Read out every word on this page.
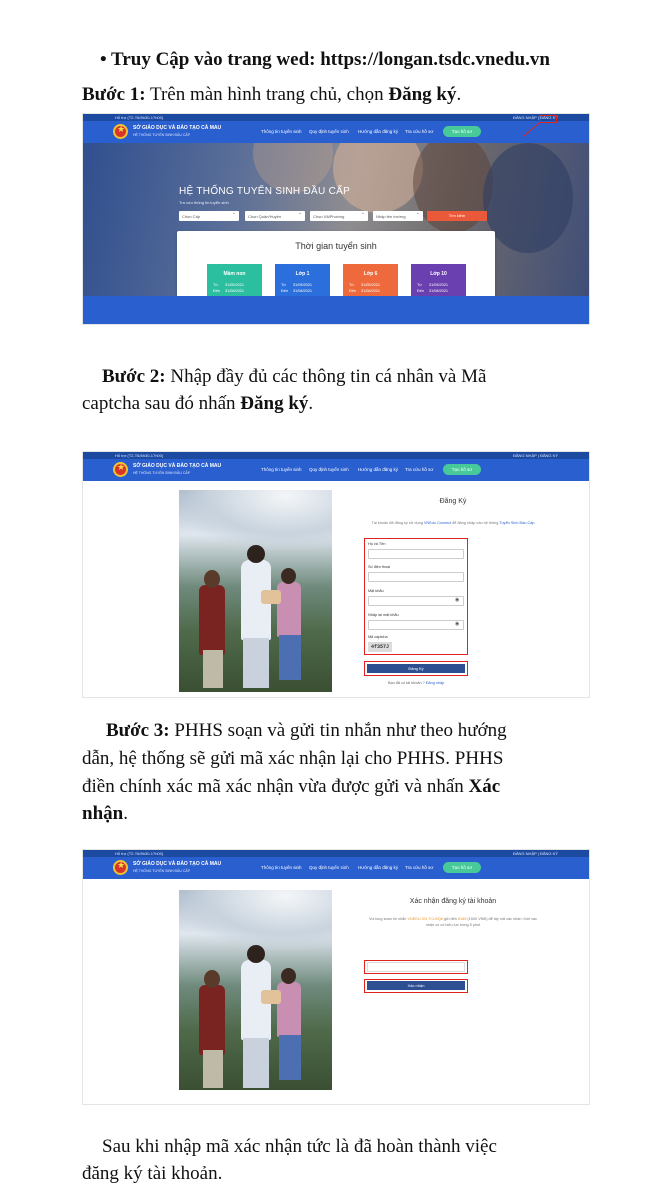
• Truy Cập vào trang wed: https://longan.tsdc.vnedu.vn
Bước 1: Trên màn hình trang chủ, chọn Đăng ký.
Hỗ trợ (T2-T6/8h30-17h00)	ĐĂNG NHẬP | ĐĂNG KÝ
★
SỞ GIÁO DỤC VÀ ĐÀO TẠO CÀ MAU
HỆ THỐNG TUYỂN SINH ĐẦU CẤP
Thông tin tuyển sinh Quy định tuyển sinh Hướng dẫn đăng ký Tra cứu hồ sơ	Tạo hồ sơ
HỆ THỐNG TUYỂN SINH ĐẦU CẤP
Tra cứu thông tin tuyển sinh
Chọn Cấp ⌄	Chọn Quận/Huyện ⌄	Chọn Xã/Phường ⌄	Nhập tên trường ⌄	Tìm kiếm
Thời gian tuyển sinh
Mầm non
Từ 31/05/2021
Đến 31/08/2021
Lớp 1
Từ 31/05/2021
Đến 31/08/2021
Lớp 6
Từ 31/05/2021
Đến 31/08/2021
Lớp 10
Từ 31/05/2021
Đến 31/08/2021
Bước 2: Nhập đầy đủ các thông tin cá nhân và Mã
captcha sau đó nhấn Đăng ký.
Hỗ trợ (T2-T6/8h30-17h00)	ĐĂNG NHẬP | ĐĂNG KÝ
★
SỞ GIÁO DỤC VÀ ĐÀO TẠO CÀ MAU
HỆ THỐNG TUYỂN SINH ĐẦU CẤP
Thông tin tuyển sinh Quy định tuyển sinh Hướng dẫn đăng ký Tra cứu hồ sơ	Tạo hồ sơ
Đăng Ký
Tài khoản đã đăng ký sử dụng VNEdu Connect để đăng nhập vào hệ thống Tuyển Sinh Đầu Cấp
Họ và Tên
Số điện thoại
Mật khẩu
◉
Nhập lại mật khẩu
◉
Mã captcha
4f357J
Đăng Ký
Bạn đã có tài khoản ? Đăng nhập
Bước 3: PHHS soạn và gửi tin nhắn như theo hướng
dẫn, hệ thống sẽ gửi mã xác nhận lại cho PHHS. PHHS
điền chính xác mã xác nhận vừa được gửi và nhấn Xác
nhận.
Hỗ trợ (T2-T6/8h30-17h00)	ĐĂNG NHẬP | ĐĂNG KÝ
★
SỞ GIÁO DỤC VÀ ĐÀO TẠO CÀ MAU
HỆ THỐNG TUYỂN SINH ĐẦU CẤP
Thông tin tuyển sinh Quy định tuyển sinh Hướng dẫn đăng ký Tra cứu hồ sơ	Tạo hồ sơ
Xác nhận đăng ký tài khoản
Vui lòng soạn tin nhắn VNEDU XN 7CU9Q8 gửi đến 8185 (1500 VNĐ) để lấy mã xác nhận, thời xác nhận có có hiệu lực trong 5 phút
Xác nhận
Sau khi nhập mã xác nhận tức là đã hoàn thành việc
đăng ký tài khoản.
